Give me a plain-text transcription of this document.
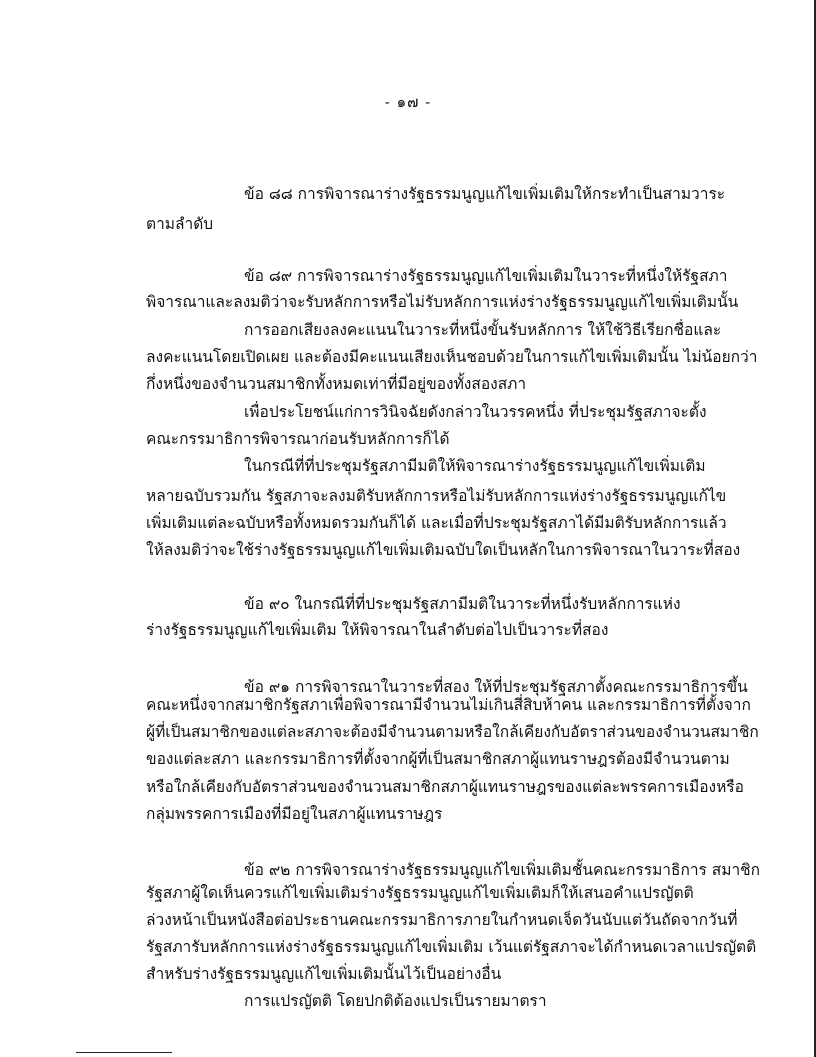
- ๑๗ -
ข้อ ๘๘ การพิจารณาร่างรัฐธรรมนูญแก้ไขเพิ่มเติมให้กระทำเป็นสามวาระ
ตามลำดับ
ข้อ ๘๙ การพิจารณาร่างรัฐธรรมนูญแก้ไขเพิ่มเติมในวาระที่หนึ่งให้รัฐสภา
พิจารณาและลงมติว่าจะรับหลักการหรือไม่รับหลักการแห่งร่างรัฐธรรมนูญแก้ไขเพิ่มเติมนั้น
การออกเสียงลงคะแนนในวาระที่หนึ่งขั้นรับหลักการ ให้ใช้วิธีเรียกชื่อและ
ลงคะแนนโดยเปิดเผย และต้องมีคะแนนเสียงเห็นชอบด้วยในการแก้ไขเพิ่มเติมนั้น ไม่น้อยกว่า
กึ่งหนึ่งของจำนวนสมาชิกทั้งหมดเท่าที่มีอยู่ของทั้งสองสภา
เพื่อประโยชน์แก่การวินิจฉัยดังกล่าวในวรรคหนึ่ง ที่ประชุมรัฐสภาจะตั้ง
คณะกรรมาธิการพิจารณาก่อนรับหลักการก็ได้
ในกรณีที่ที่ประชุมรัฐสภามีมติให้พิจารณาร่างรัฐธรรมนูญแก้ไขเพิ่มเติม
หลายฉบับรวมกัน รัฐสภาจะลงมติรับหลักการหรือไม่รับหลักการแห่งร่างรัฐธรรมนูญแก้ไข
เพิ่มเติมแต่ละฉบับหรือทั้งหมดรวมกันก็ได้ และเมื่อที่ประชุมรัฐสภาได้มีมติรับหลักการแล้ว
ให้ลงมติว่าจะใช้ร่างรัฐธรรมนูญแก้ไขเพิ่มเติมฉบับใดเป็นหลักในการพิจารณาในวาระที่สอง
ข้อ ๙๐ ในกรณีที่ที่ประชุมรัฐสภามีมติในวาระที่หนึ่งรับหลักการแห่ง
ร่างรัฐธรรมนูญแก้ไขเพิ่มเติม ให้พิจารณาในลำดับต่อไปเป็นวาระที่สอง
ข้อ ๙๑ การพิจารณาในวาระที่สอง ให้ที่ประชุมรัฐสภาตั้งคณะกรรมาธิการขึ้น
คณะหนึ่งจากสมาชิกรัฐสภาเพื่อพิจารณามีจำนวนไม่เกินสี่สิบห้าคน และกรรมาธิการที่ตั้งจาก
ผู้ที่เป็นสมาชิกของแต่ละสภาจะต้องมีจำนวนตามหรือใกล้เคียงกับอัตราส่วนของจำนวนสมาชิก
ของแต่ละสภา และกรรมาธิการที่ตั้งจากผู้ที่เป็นสมาชิกสภาผู้แทนราษฎรต้องมีจำนวนตาม
หรือใกล้เคียงกับอัตราส่วนของจำนวนสมาชิกสภาผู้แทนราษฎรของแต่ละพรรคการเมืองหรือ
กลุ่มพรรคการเมืองที่มีอยู่ในสภาผู้แทนราษฎร
ข้อ ๙๒ การพิจารณาร่างรัฐธรรมนูญแก้ไขเพิ่มเติมชั้นคณะกรรมาธิการ สมาชิก
รัฐสภาผู้ใดเห็นควรแก้ไขเพิ่มเติมร่างรัฐธรรมนูญแก้ไขเพิ่มเติมก็ให้เสนอคำแปรญัตติ
ล่วงหน้าเป็นหนังสือต่อประธานคณะกรรมาธิการภายในกำหนดเจ็ดวันนับแต่วันถัดจากวันที่
รัฐสภารับหลักการแห่งร่างรัฐธรรมนูญแก้ไขเพิ่มเติม เว้นแต่รัฐสภาจะได้กำหนดเวลาแปรญัตติ
สำหรับร่างรัฐธรรมนูญแก้ไขเพิ่มเติมนั้นไว้เป็นอย่างอื่น
การแปรญัตติ โดยปกติต้องแปรเป็นรายมาตรา
